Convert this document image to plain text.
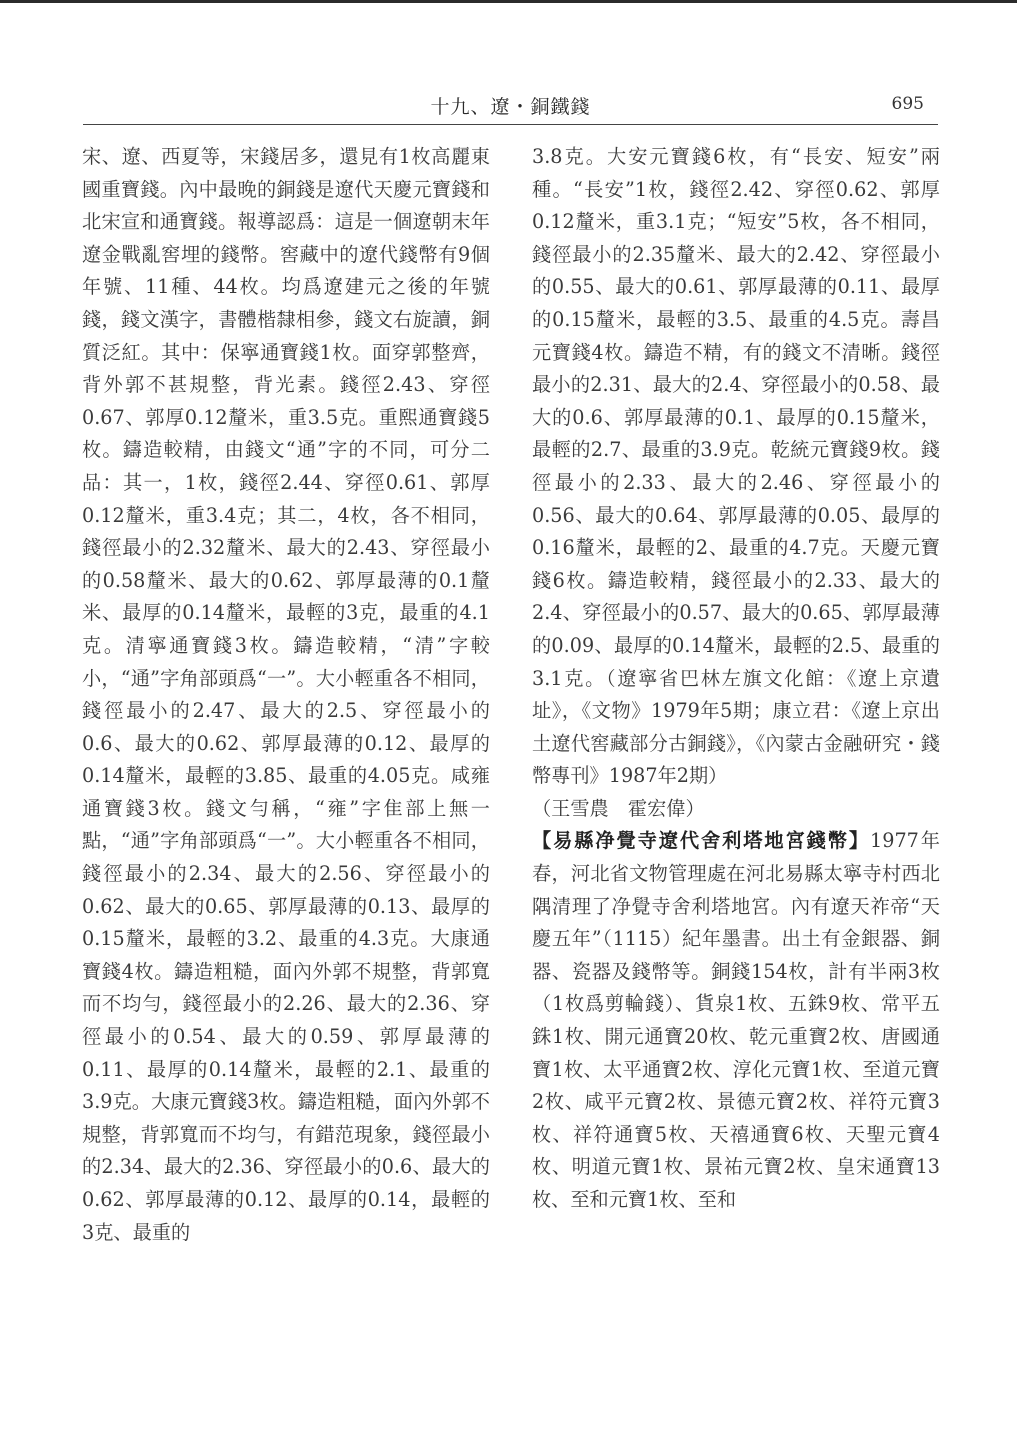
十九、遼・銅鐵錢	695

宋、遼、西夏等，宋錢居多，還見有1枚高麗東國重寶錢。內中最晚的銅錢是遼代天慶元寶錢和北宋宣和通寶錢。報導認爲：這是一個遼朝末年遼金戰亂窖埋的錢幣。窖藏中的遼代錢幣有9個年號、11種、44枚。均爲遼建元之後的年號錢，錢文漢字，書體楷隸相參，錢文右旋讀，銅質泛紅。其中：保寧通寶錢1枚。面穿郭整齊，背外郭不甚規整，背光素。錢徑2.43、穿徑0.67、郭厚0.12釐米，重3.5克。重熙通寶錢5枚。鑄造較精，由錢文“通”字的不同，可分二品：其一，1枚，錢徑2.44、穿徑0.61、郭厚0.12釐米，重3.4克；其二，4枚，各不相同，錢徑最小的2.32釐米、最大的2.43、穿徑最小的0.58釐米、最大的0.62、郭厚最薄的0.1釐米、最厚的0.14釐米，最輕的3克，最重的4.1克。清寧通寶錢3枚。鑄造較精，“清”字較小，“通”字角部頭爲“一”。大小輕重各不相同，錢徑最小的2.47、最大的2.5、穿徑最小的0.6、最大的0.62、郭厚最薄的0.12、最厚的0.14釐米，最輕的3.85、最重的4.05克。咸雍通寶錢3枚。錢文勻稱，“雍”字隹部上無一點，“通”字角部頭爲“一”。大小輕重各不相同，錢徑最小的2.34、最大的2.56、穿徑最小的0.62、最大的0.65、郭厚最薄的0.13、最厚的0.15釐米，最輕的3.2、最重的4.3克。大康通寶錢4枚。鑄造粗糙，面內外郭不規整，背郭寬而不均勻，錢徑最小的2.26、最大的2.36、穿徑最小的0.54、最大的0.59、郭厚最薄的0.11、最厚的0.14釐米，最輕的2.1、最重的3.9克。大康元寶錢3枚。鑄造粗糙，面內外郭不規整，背郭寬而不均勻，有錯范現象，錢徑最小的2.34、最大的2.36、穿徑最小的0.6、最大的0.62、郭厚最薄的0.12、最厚的0.14，最輕的3克、最重的

3.8克。大安元寶錢6枚，有“長安、短安”兩種。“長安”1枚，錢徑2.42、穿徑0.62、郭厚0.12釐米，重3.1克；“短安”5枚，各不相同，錢徑最小的2.35釐米、最大的2.42、穿徑最小的0.55、最大的0.61、郭厚最薄的0.11、最厚的0.15釐米，最輕的3.5、最重的4.5克。壽昌元寶錢4枚。鑄造不精，有的錢文不清晰。錢徑最小的2.31、最大的2.4、穿徑最小的0.58、最大的0.6、郭厚最薄的0.1、最厚的0.15釐米，最輕的2.7、最重的3.9克。乾統元寶錢9枚。錢徑最小的2.33、最大的2.46、穿徑最小的0.56、最大的0.64、郭厚最薄的0.05、最厚的0.16釐米，最輕的2、最重的4.7克。天慶元寶錢6枚。鑄造較精，錢徑最小的2.33、最大的2.4、穿徑最小的0.57、最大的0.65、郭厚最薄的0.09、最厚的0.14釐米，最輕的2.5、最重的3.1克。（遼寧省巴林左旗文化館：《遼上京遺址》，《文物》1979年5期；康立君：《遼上京出土遼代窖藏部分古銅錢》，《內蒙古金融研究・錢幣專刊》1987年2期）

（王雪農　霍宏偉）

【易縣净覺寺遼代舍利塔地宮錢幣】1977年春，河北省文物管理處在河北易縣太寧寺村西北隅清理了净覺寺舍利塔地宮。內有遼天祚帝“天慶五年”（1115）紀年墨書。出土有金銀器、銅器、瓷器及錢幣等。銅錢154枚，計有半兩3枚（1枚爲剪輪錢）、貨泉1枚、五銖9枚、常平五銖1枚、開元通寶20枚、乾元重寶2枚、唐國通寶1枚、太平通寶2枚、淳化元寶1枚、至道元寶2枚、咸平元寶2枚、景德元寶2枚、祥符元寶3枚、祥符通寶5枚、天禧通寶6枚、天聖元寶4枚、明道元寶1枚、景祐元寶2枚、皇宋通寶13枚、至和元寶1枚、至和
